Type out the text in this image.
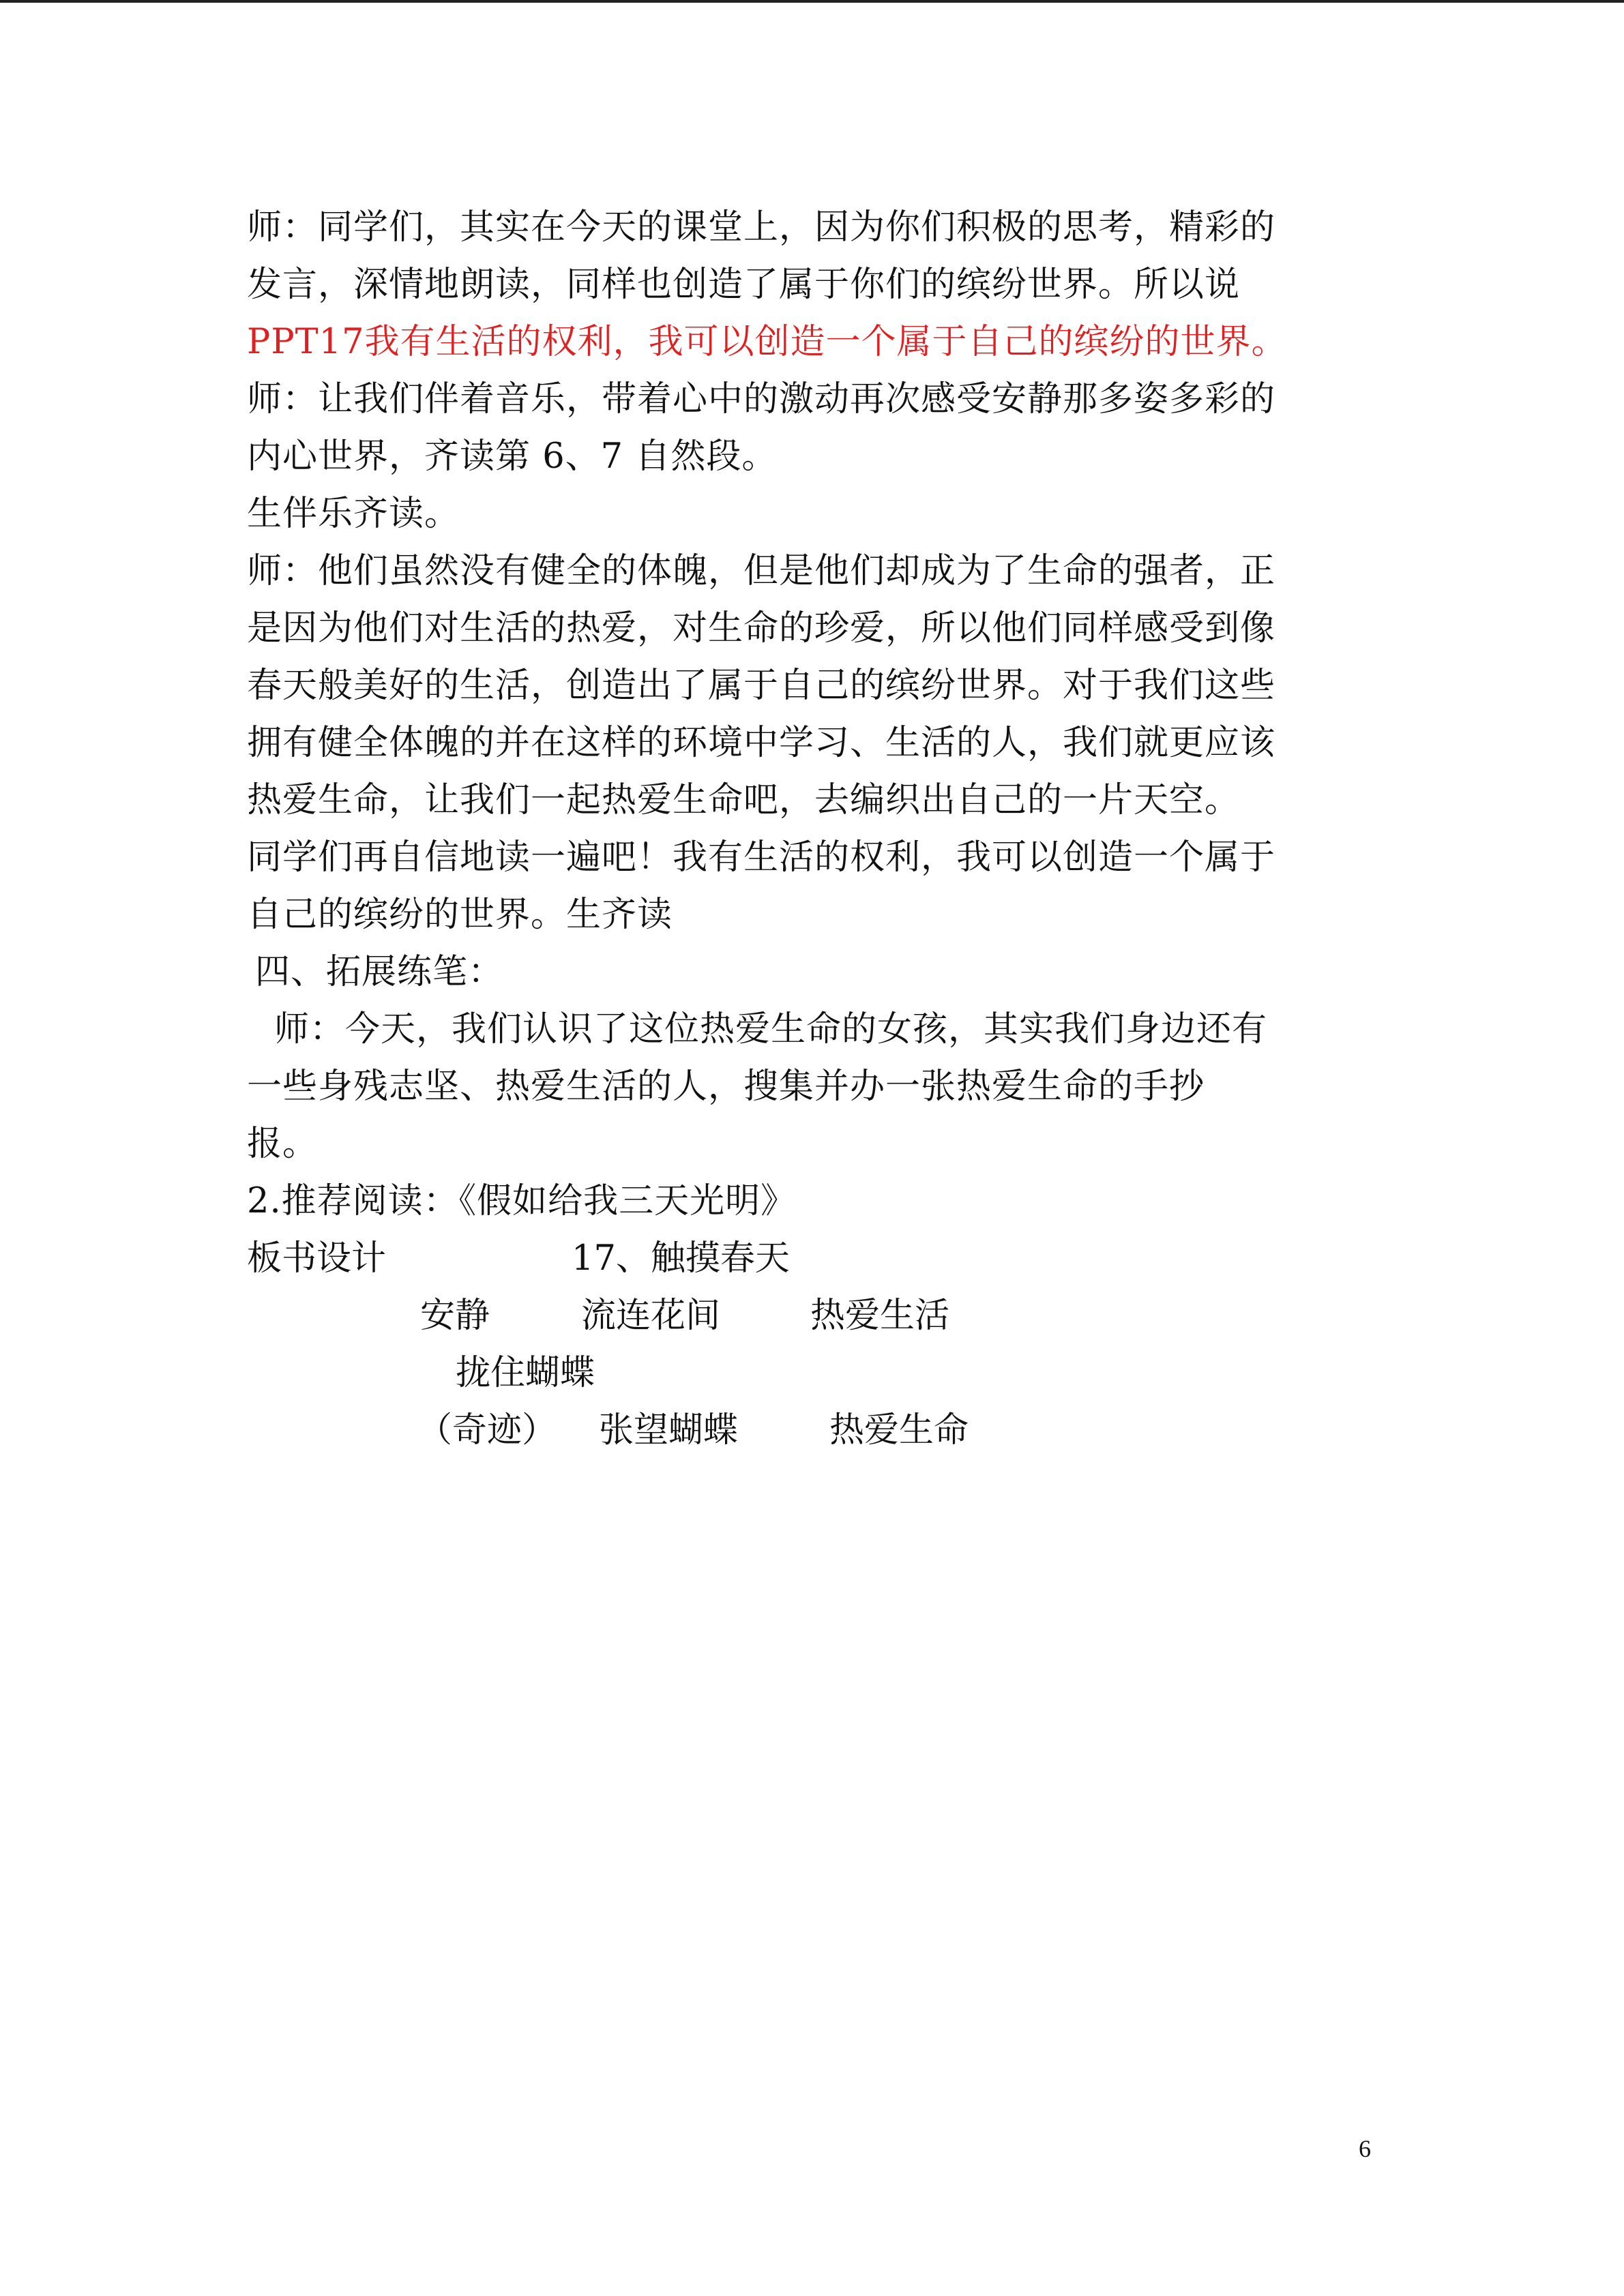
师：同学们，其实在今天的课堂上，因为你们积极的思考，精彩的
发言，深情地朗读，同样也创造了属于你们的缤纷世界。所以说
PPT17我有生活的权利，我可以创造一个属于自己的缤纷的世界。
师：让我们伴着音乐，带着心中的激动再次感受安静那多姿多彩的
内心世界，齐读第 6、7 自然段。
生伴乐齐读。
师：他们虽然没有健全的体魄，但是他们却成为了生命的强者，正
是因为他们对生活的热爱，对生命的珍爱，所以他们同样感受到像
春天般美好的生活，创造出了属于自己的缤纷世界。对于我们这些
拥有健全体魄的并在这样的环境中学习、生活的人，我们就更应该
热爱生命，让我们一起热爱生命吧，去编织出自己的一片天空。
同学们再自信地读一遍吧！我有生活的权利，我可以创造一个属于
自己的缤纷的世界。生齐读
四、拓展练笔：
师：今天，我们认识了这位热爱生命的女孩，其实我们身边还有
一些身残志坚、热爱生活的人，搜集并办一张热爱生命的手抄
报。
2.推荐阅读：《假如给我三天光明》
板书设计	17、触摸春天
安静	流连花间	热爱生活
拢住蝴蝶
（奇迹） 张望蝴蝶	热爱生命
6
